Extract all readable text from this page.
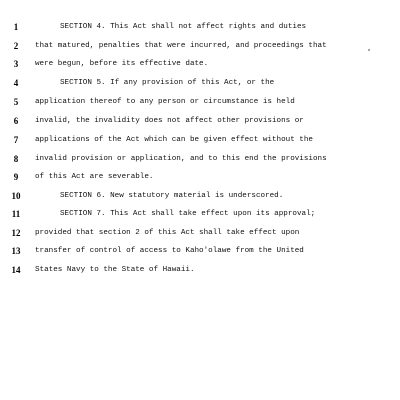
1	SECTION 4. This Act shall not affect rights and duties
2	that matured, penalties that were incurred, and proceedings that
3	were begun, before its effective date.
4	SECTION 5. If any provision of this Act, or the
5	application thereof to any person or circumstance is held
6	invalid, the invalidity does not affect other provisions or
7	applications of the Act which can be given effect without the
8	invalid provision or application, and to this end the provisions
9	of this Act are severable.
10	SECTION 6. New statutory material is underscored.
11	SECTION 7. This Act shall take effect upon its approval;
12	provided that section 2 of this Act shall take effect upon
13	transfer of control of access to Kaho'olawe from the United
14	States Navy to the State of Hawaii.
